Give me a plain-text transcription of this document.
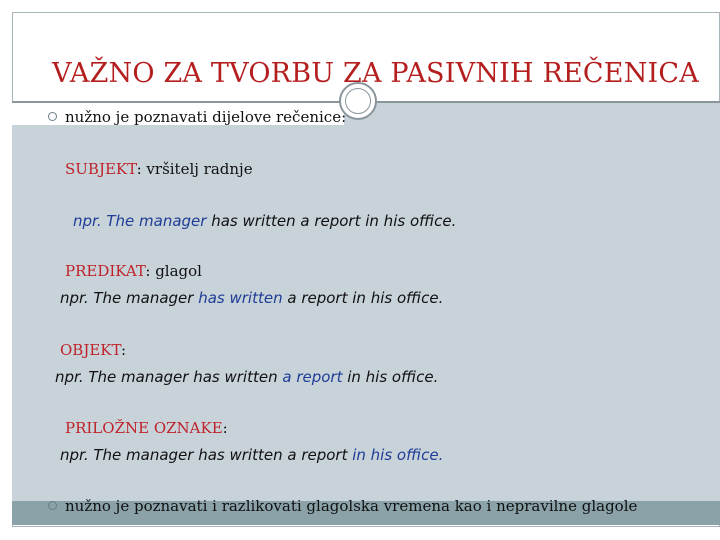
VAŽNO ZA TVORBU ZA PASIVNIH REČENICA
nužno je poznavati dijelove rečenice:
SUBJEKT: vršitelj radnje
npr. The manager has written a report in his office.
PREDIKAT: glagol
npr. The manager has written a report in his office.
OBJEKT:
npr. The manager has written a report in his office.
PRILOŽNE OZNAKE:
npr. The manager has written a report in his office.
nužno je poznavati i razlikovati glagolska vremena kao i nepravilne glagole
